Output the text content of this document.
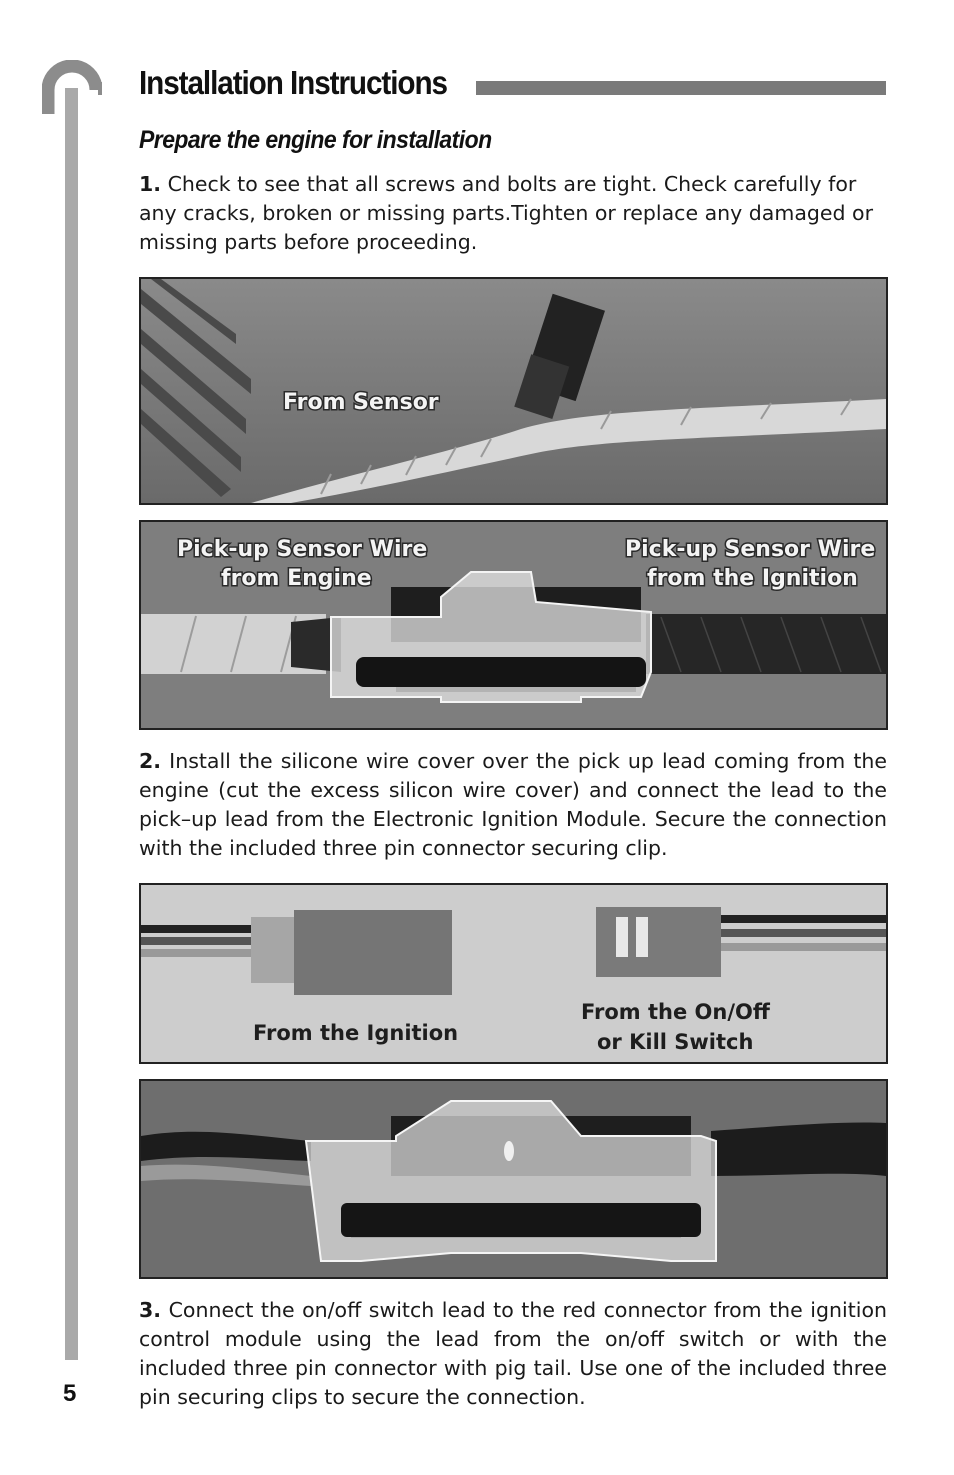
5
Installation Instructions
Prepare the engine for installation

1. Check to see that all screws and bolts are tight. Check carefully for any cracks, broken or missing parts.Tighten or replace any damaged or missing parts before proceeding.

From Sensor
Pick-up Sensor Wire
from Engine
Pick-up Sensor Wire
from the Ignition

2. Install the silicone wire cover over the pick up lead coming from the engine (cut the excess silicon wire cover) and connect the lead to the pick–up lead from the Electronic Ignition Module. Secure the connection with the included three pin connector securing clip.

From the Ignition
From the On/Off
or Kill Switch

3. Connect the on/off switch lead to the red connector from the ignition control module using the lead from the on/off switch or with the included three pin connector with pig tail. Use one of the included three pin securing clips to secure the connection.
